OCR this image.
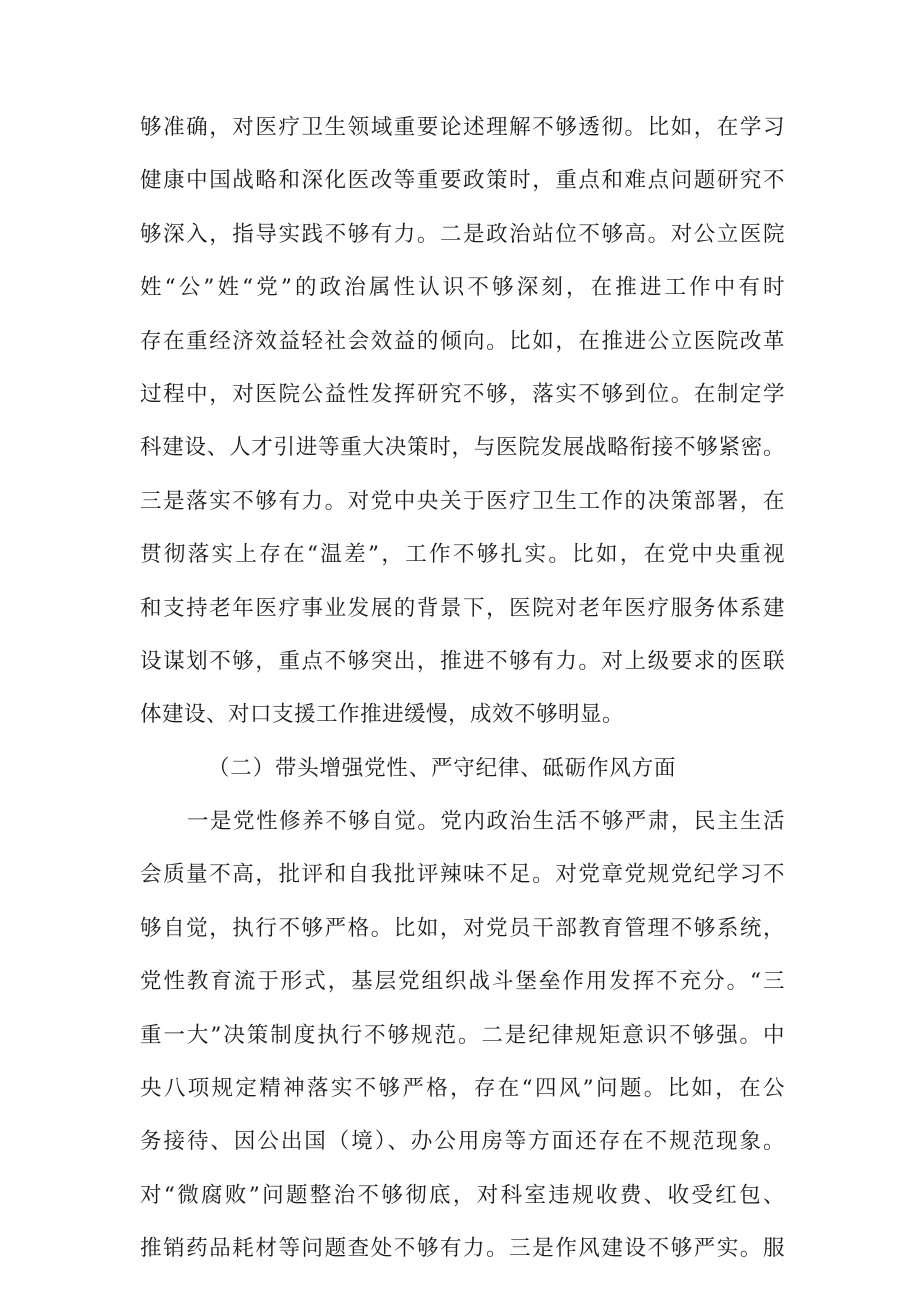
够准确，对医疗卫生领域重要论述理解不够透彻。比如，在学习
健康中国战略和深化医改等重要政策时，重点和难点问题研究不
够深入，指导实践不够有力。二是政治站位不够高。对公立医院
姓“公”姓“党”的政治属性认识不够深刻，在推进工作中有时
存在重经济效益轻社会效益的倾向。比如，在推进公立医院改革
过程中，对医院公益性发挥研究不够，落实不够到位。在制定学
科建设、人才引进等重大决策时，与医院发展战略衔接不够紧密。
三是落实不够有力。对党中央关于医疗卫生工作的决策部署，在
贯彻落实上存在“温差”，工作不够扎实。比如，在党中央重视
和支持老年医疗事业发展的背景下，医院对老年医疗服务体系建
设谋划不够，重点不够突出，推进不够有力。对上级要求的医联
体建设、对口支援工作推进缓慢，成效不够明显。
（二）带头增强党性、严守纪律、砥砺作风方面
一是党性修养不够自觉。党内政治生活不够严肃，民主生活
会质量不高，批评和自我批评辣味不足。对党章党规党纪学习不
够自觉，执行不够严格。比如，对党员干部教育管理不够系统，
党性教育流于形式，基层党组织战斗堡垒作用发挥不充分。“三
重一大”决策制度执行不够规范。二是纪律规矩意识不够强。中
央八项规定精神落实不够严格，存在“四风”问题。比如，在公
务接待、因公出国（境）、办公用房等方面还存在不规范现象。
对“微腐败”问题整治不够彻底，对科室违规收费、收受红包、
推销药品耗材等问题查处不够有力。三是作风建设不够严实。服
